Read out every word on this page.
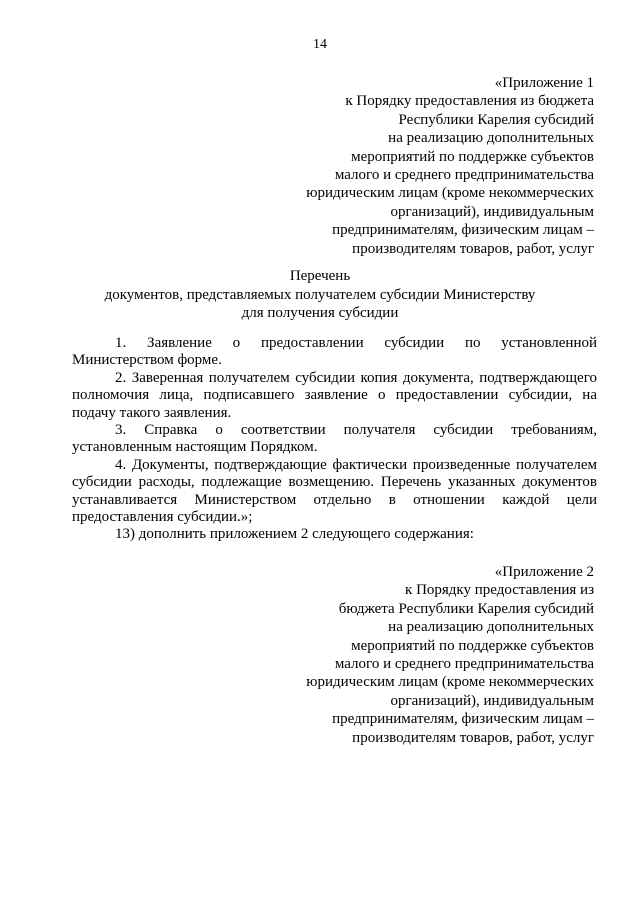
14
«Приложение 1
к Порядку предоставления из бюджета
Республики Карелия субсидий
на реализацию дополнительных
мероприятий по поддержке субъектов
малого и среднего предпринимательства
юридическим лицам (кроме некоммерческих
организаций), индивидуальным
предпринимателям, физическим лицам –
производителям товаров, работ, услуг
Перечень
документов, представляемых получателем субсидии Министерству
для получения субсидии
1. Заявление о предоставлении субсидии по установленной
Министерством форме.
2. Заверенная получателем субсидии копия документа, подтверждающего
полномочия лица, подписавшего заявление о предоставлении субсидии, на
подачу такого заявления.
3. Справка о соответствии получателя субсидии требованиям,
установленным настоящим Порядком.
4. Документы, подтверждающие фактически произведенные получателем
субсидии расходы, подлежащие возмещению. Перечень указанных документов
устанавливается Министерством отдельно в отношении каждой цели
предоставления субсидии.»;
13) дополнить приложением 2 следующего содержания:
«Приложение 2
к Порядку предоставления из
бюджета Республики Карелия субсидий
на реализацию дополнительных
мероприятий по поддержке субъектов
малого и среднего предпринимательства
юридическим лицам (кроме некоммерческих
организаций), индивидуальным
предпринимателям, физическим лицам –
производителям товаров, работ, услуг
